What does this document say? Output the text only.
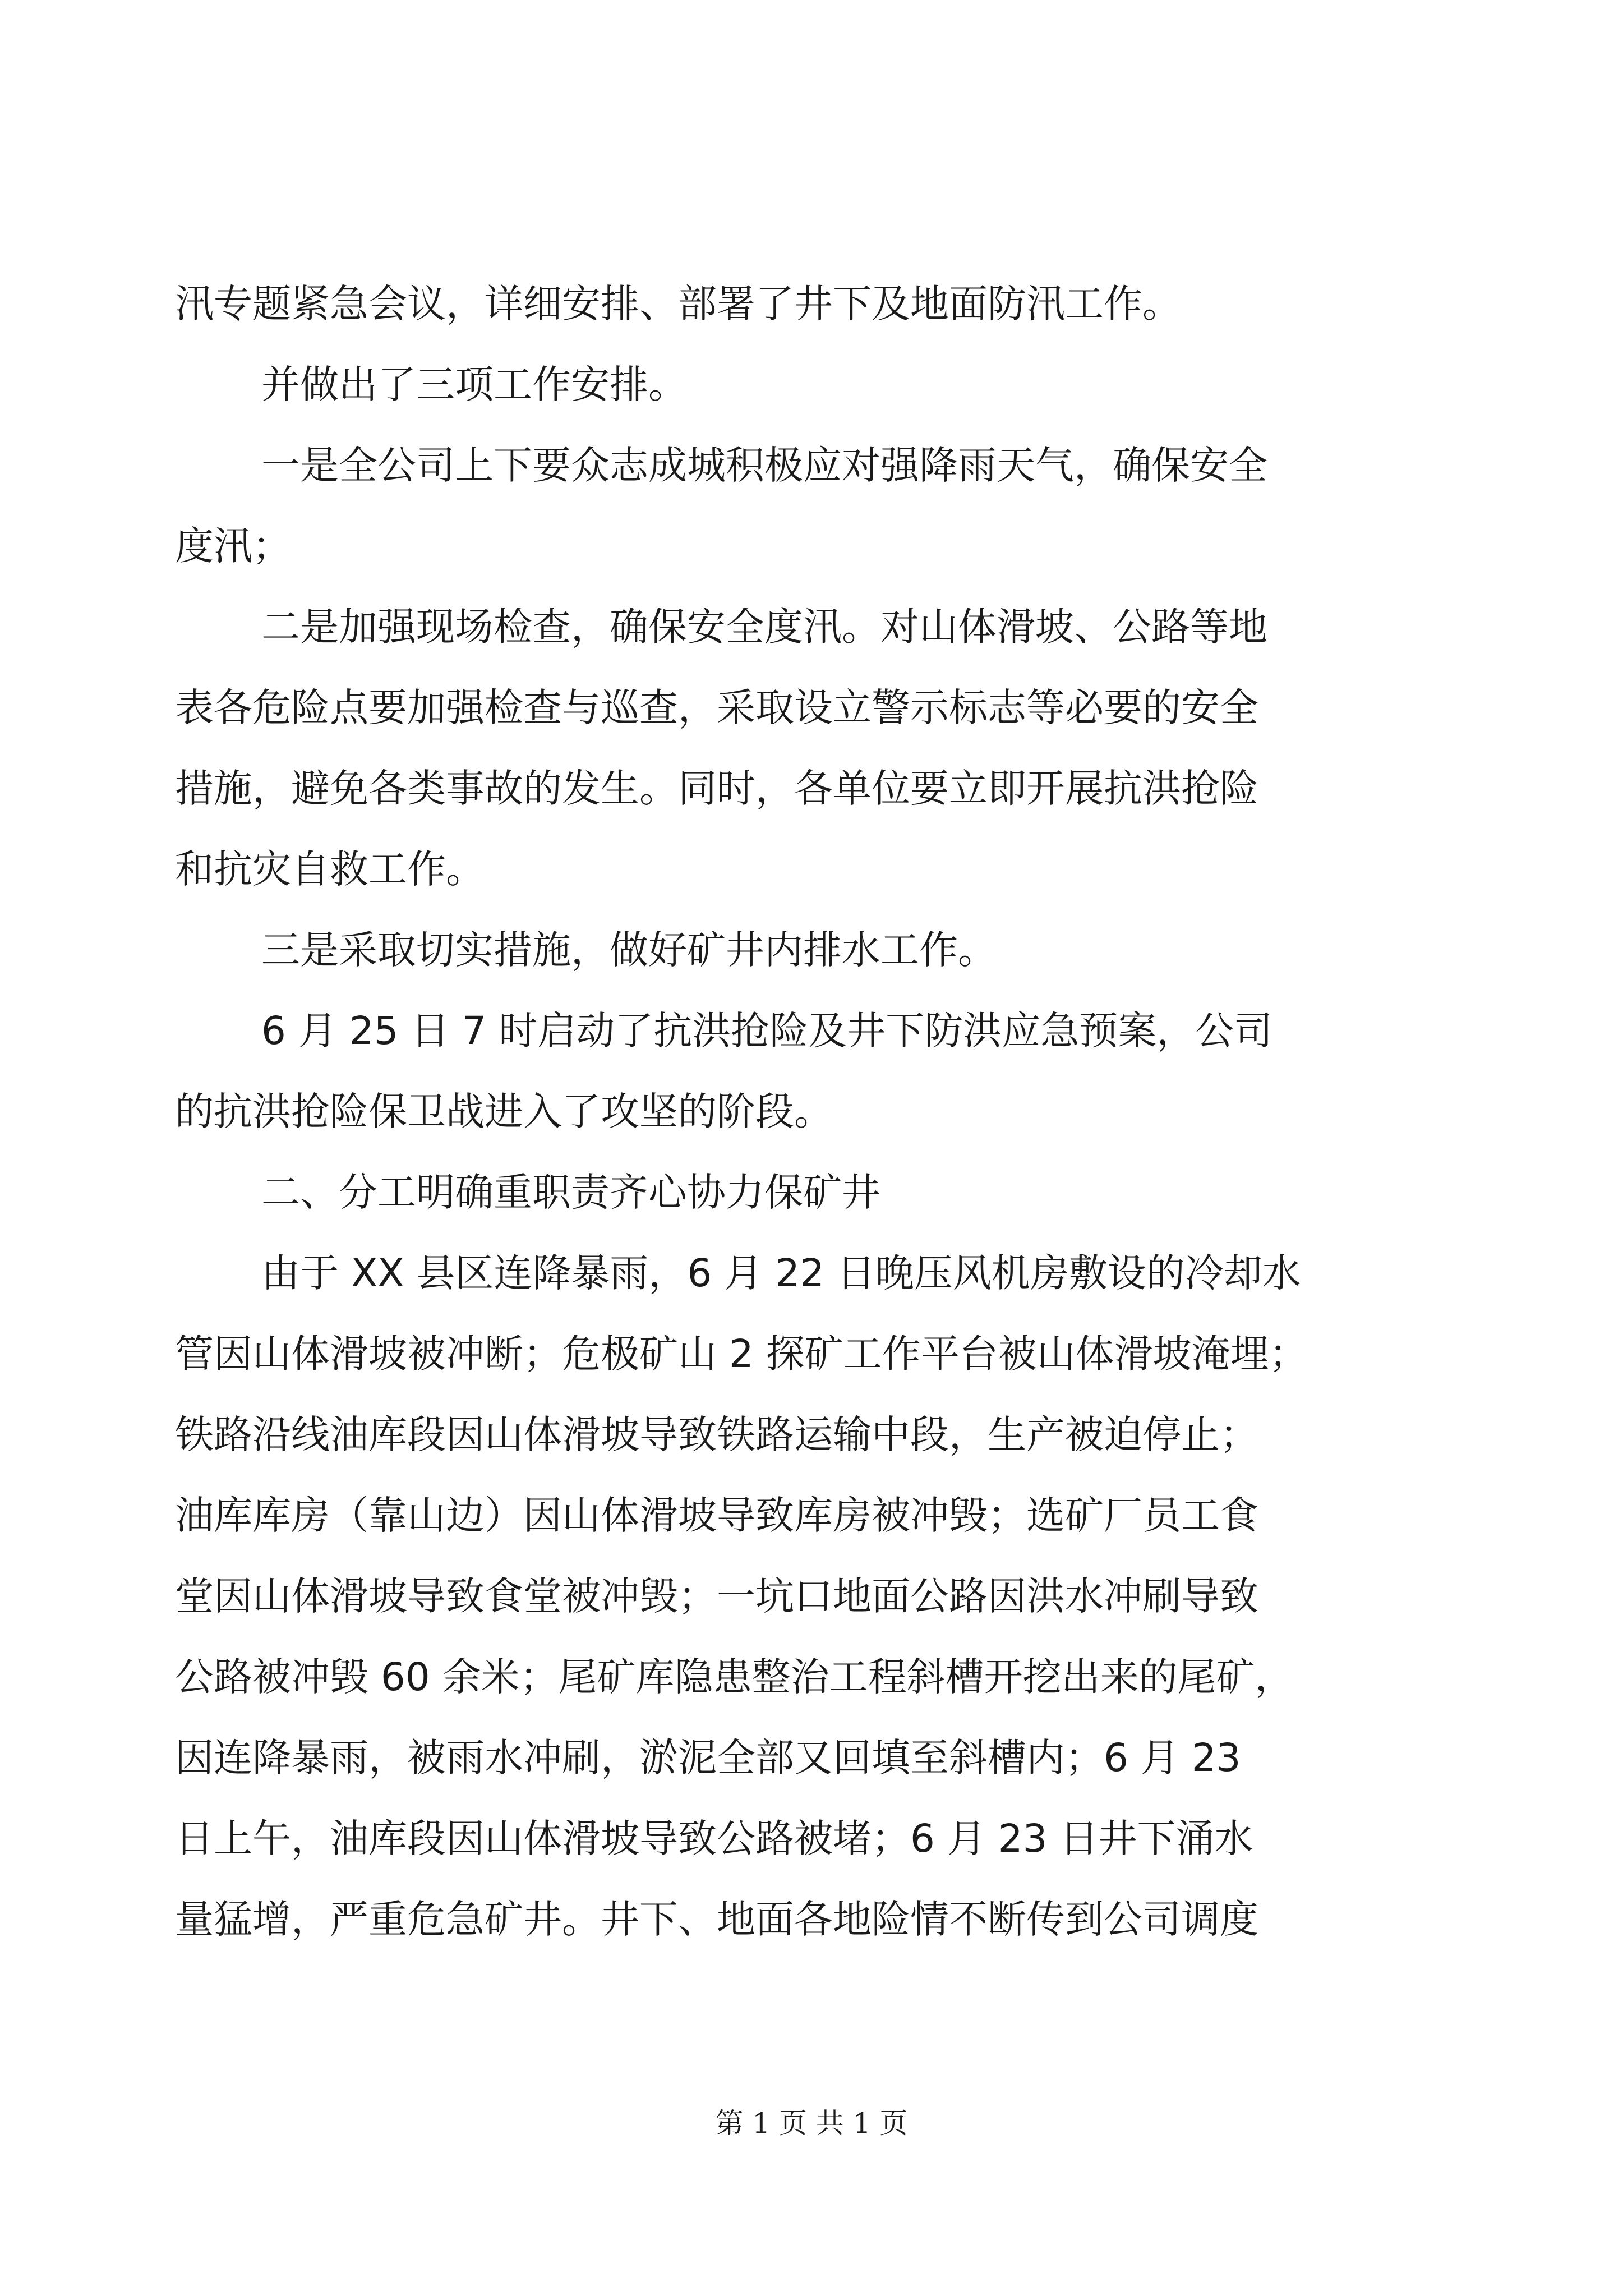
汛专题紧急会议，详细安排、部署了井下及地面防汛工作。
并做出了三项工作安排。
一是全公司上下要众志成城积极应对强降雨天气，确保安全
度汛；
二是加强现场检查，确保安全度汛。对山体滑坡、公路等地
表各危险点要加强检查与巡查，采取设立警示标志等必要的安全
措施，避免各类事故的发生。同时，各单位要立即开展抗洪抢险
和抗灾自救工作。
三是采取切实措施，做好矿井内排水工作。
6 月 25 日 7 时启动了抗洪抢险及井下防洪应急预案，公司
的抗洪抢险保卫战进入了攻坚的阶段。
二、分工明确重职责齐心协力保矿井
由于 XX 县区连降暴雨，6 月 22 日晚压风机房敷设的冷却水
管因山体滑坡被冲断；危极矿山 2 探矿工作平台被山体滑坡淹埋；
铁路沿线油库段因山体滑坡导致铁路运输中段，生产被迫停止；
油库库房（靠山边）因山体滑坡导致库房被冲毁；选矿厂员工食
堂因山体滑坡导致食堂被冲毁；一坑口地面公路因洪水冲刷导致
公路被冲毁 60 余米；尾矿库隐患整治工程斜槽开挖出来的尾矿，
因连降暴雨，被雨水冲刷，淤泥全部又回填至斜槽内；6 月 23
日上午，油库段因山体滑坡导致公路被堵；6 月 23 日井下涌水
量猛增，严重危急矿井。井下、地面各地险情不断传到公司调度
第 1 页 共 1 页
